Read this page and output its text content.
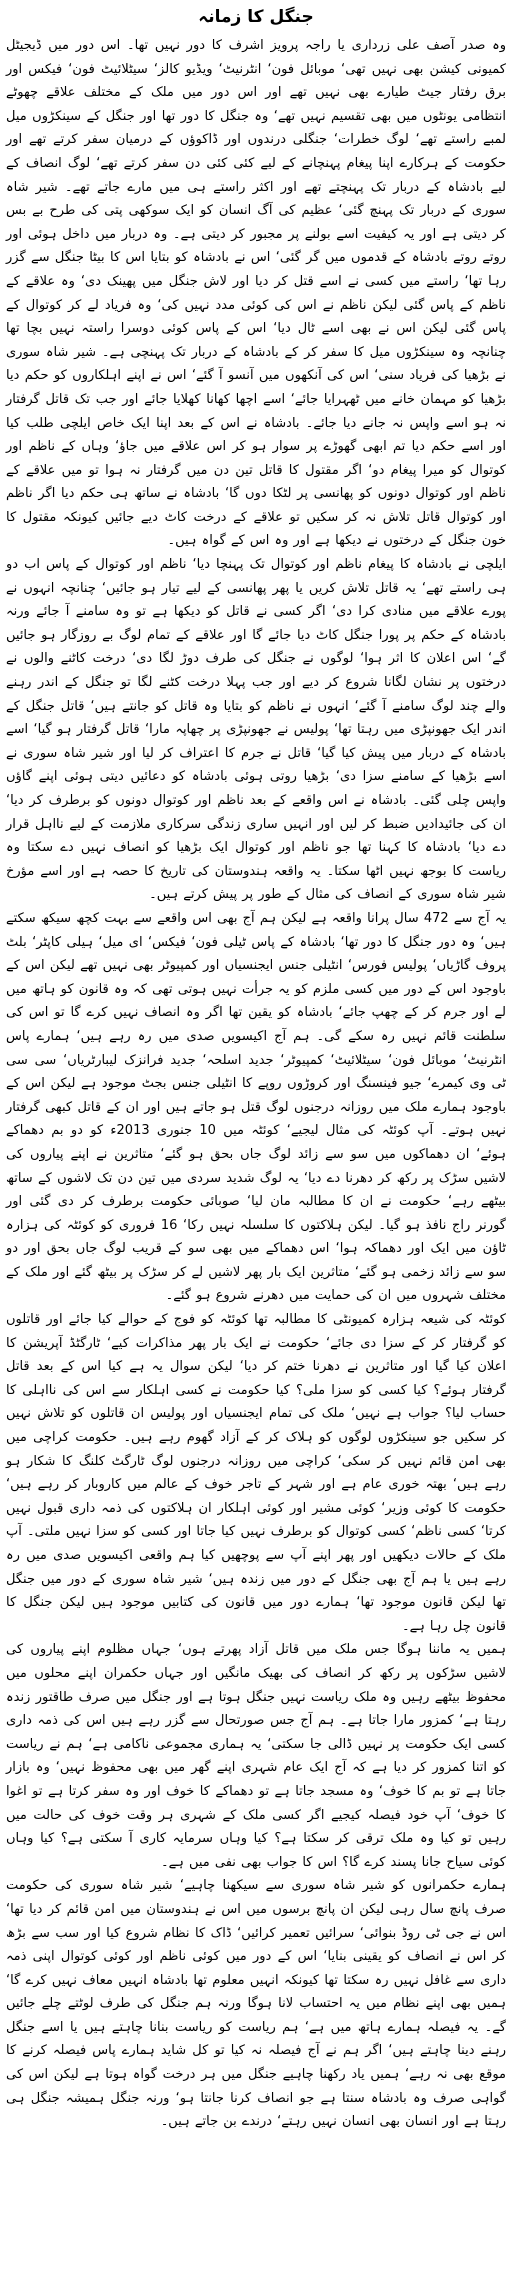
جنگل کا زمانہ

وہ صدر آصف علی زرداری یا راجہ پرویز اشرف کا دور نہیں تھا۔ اس دور میں ڈیجیٹل کمیونی کیشن بھی نہیں تھی‘ موبائل فون‘ انٹرنیٹ‘ ویڈیو کالز‘ سیٹلائیٹ فون‘ فیکس اور برق رفتار جیٹ طیارے بھی نہیں تھے اور اس دور میں ملک کے مختلف علاقے چھوٹے انتظامی یونٹوں میں بھی تقسیم نہیں تھے‘ وہ جنگل کا دور تھا اور جنگل کے سینکڑوں میل لمبے راستے تھے‘ لوگ خطرات‘ جنگلی درندوں اور ڈاکوؤں کے درمیان سفر کرتے تھے اور حکومت کے ہرکارے اپنا پیغام پہنچانے کے لیے کئی کئی دن سفر کرتے تھے‘ لوگ انصاف کے لیے بادشاہ کے دربار تک پہنچتے تھے اور اکثر راستے ہی میں مارے جاتے تھے۔ شیر شاہ سوری کے دربار تک پہنچ گئی‘ عظیم کی آگ انسان کو ایک سوکھی پتی کی طرح بے بس کر دیتی ہے اور یہ کیفیت اسے بولنے پر مجبور کر دیتی ہے۔ وہ دربار میں داخل ہوئی اور روتے روتے بادشاہ کے قدموں میں گر گئی‘ اس نے بادشاہ کو بتایا اس کا بیٹا جنگل سے گزر رہا تھا‘ راستے میں کسی نے اسے قتل کر دیا اور لاش جنگل میں پھینک دی‘ وہ علاقے کے ناظم کے پاس گئی لیکن ناظم نے اس کی کوئی مدد نہیں کی‘ وہ فریاد لے کر کوتوال کے پاس گئی لیکن اس نے بھی اسے ٹال دیا‘ اس کے پاس کوئی دوسرا راستہ نہیں بچا تھا چنانچہ وہ سینکڑوں میل کا سفر کر کے بادشاہ کے دربار تک پہنچی ہے۔ شیر شاہ سوری نے بڑھیا کی فریاد سنی‘ اس کی آنکھوں میں آنسو آ گئے‘ اس نے اپنے اہلکاروں کو حکم دیا بڑھیا کو مہمان خانے میں ٹھہرایا جائے‘ اسے اچھا کھانا کھلایا جائے اور جب تک قاتل گرفتار نہ ہو اسے واپس نہ جانے دیا جائے۔ بادشاہ نے اس کے بعد اپنا ایک خاص ایلچی طلب کیا اور اسے حکم دیا تم ابھی گھوڑے پر سوار ہو کر اس علاقے میں جاؤ‘ وہاں کے ناظم اور کوتوال کو میرا پیغام دو‘ اگر مقتول کا قاتل تین دن میں گرفتار نہ ہوا تو میں علاقے کے ناظم اور کوتوال دونوں کو پھانسی پر لٹکا دوں گا‘ بادشاہ نے ساتھ ہی حکم دیا اگر ناظم اور کوتوال قاتل تلاش نہ کر سکیں تو علاقے کے درخت کاٹ دیے جائیں کیونکہ مقتول کا خون جنگل کے درختوں نے دیکھا ہے اور وہ اس کے گواہ ہیں۔

ایلچی نے بادشاہ کا پیغام ناظم اور کوتوال تک پہنچا دیا‘ ناظم اور کوتوال کے پاس اب دو ہی راستے تھے‘ یہ قاتل تلاش کریں یا پھر پھانسی کے لیے تیار ہو جائیں‘ چنانچہ انہوں نے پورے علاقے میں منادی کرا دی‘ اگر کسی نے قاتل کو دیکھا ہے تو وہ سامنے آ جائے ورنہ بادشاہ کے حکم پر پورا جنگل کاٹ دیا جائے گا اور علاقے کے تمام لوگ بے روزگار ہو جائیں گے‘ اس اعلان کا اثر ہوا‘ لوگوں نے جنگل کی طرف دوڑ لگا دی‘ درخت کاٹنے والوں نے درختوں پر نشان لگانا شروع کر دیے اور جب پہلا درخت کٹنے لگا تو جنگل کے اندر رہنے والے چند لوگ سامنے آ گئے‘ انہوں نے ناظم کو بتایا وہ قاتل کو جانتے ہیں‘ قاتل جنگل کے اندر ایک جھونپڑی میں رہتا تھا‘ پولیس نے جھونپڑی پر چھاپہ مارا‘ قاتل گرفتار ہو گیا‘ اسے بادشاہ کے دربار میں پیش کیا گیا‘ قاتل نے جرم کا اعتراف کر لیا اور شیر شاہ سوری نے اسے بڑھیا کے سامنے سزا دی‘ بڑھیا روتی ہوئی بادشاہ کو دعائیں دیتی ہوئی اپنے گاؤں واپس چلی گئی۔ بادشاہ نے اس واقعے کے بعد ناظم اور کوتوال دونوں کو برطرف کر دیا‘ ان کی جائیدادیں ضبط کر لیں اور انہیں ساری زندگی سرکاری ملازمت کے لیے نااہل قرار دے دیا‘ بادشاہ کا کہنا تھا جو ناظم اور کوتوال ایک بڑھیا کو انصاف نہیں دے سکتا وہ ریاست کا بوجھ نہیں اٹھا سکتا۔ یہ واقعہ ہندوستان کی تاریخ کا حصہ ہے اور اسے مؤرخ شیر شاہ سوری کے انصاف کی مثال کے طور پر پیش کرتے ہیں۔

یہ آج سے 472 سال پرانا واقعہ ہے لیکن ہم آج بھی اس واقعے سے بہت کچھ سیکھ سکتے ہیں‘ وہ دور جنگل کا دور تھا‘ بادشاہ کے پاس ٹیلی فون‘ فیکس‘ ای میل‘ ہیلی کاپٹر‘ بلٹ پروف گاڑیاں‘ پولیس فورس‘ انٹیلی جنس ایجنسیاں اور کمپیوٹر بھی نہیں تھے لیکن اس کے باوجود اس کے دور میں کسی ملزم کو یہ جرأت نہیں ہوتی تھی کہ وہ قانون کو ہاتھ میں لے اور جرم کر کے چھپ جائے‘ بادشاہ کو یقین تھا اگر وہ انصاف نہیں کرے گا تو اس کی سلطنت قائم نہیں رہ سکے گی۔ ہم آج اکیسویں صدی میں رہ رہے ہیں‘ ہمارے پاس انٹرنیٹ‘ موبائل فون‘ سیٹلائیٹ‘ کمپیوٹر‘ جدید اسلحہ‘ جدید فرانزک لیبارٹریاں‘ سی سی ٹی وی کیمرے‘ جیو فینسنگ اور کروڑوں روپے کا انٹیلی جنس بجٹ موجود ہے لیکن اس کے باوجود ہمارے ملک میں روزانہ درجنوں لوگ قتل ہو جاتے ہیں اور ان کے قاتل کبھی گرفتار نہیں ہوتے۔ آپ کوئٹہ کی مثال لیجیے‘ کوئٹہ میں 10 جنوری 2013ء کو دو بم دھماکے ہوئے‘ ان دھماکوں میں سو سے زائد لوگ جاں بحق ہو گئے‘ متاثرین نے اپنے پیاروں کی لاشیں سڑک پر رکھ کر دھرنا دے دیا‘ یہ لوگ شدید سردی میں تین دن تک لاشوں کے ساتھ بیٹھے رہے‘ حکومت نے ان کا مطالبہ مان لیا‘ صوبائی حکومت برطرف کر دی گئی اور گورنر راج نافذ ہو گیا۔ لیکن ہلاکتوں کا سلسلہ نہیں رکا‘ 16 فروری کو کوئٹہ کی ہزارہ ٹاؤن میں ایک اور دھماکہ ہوا‘ اس دھماکے میں بھی سو کے قریب لوگ جاں بحق اور دو سو سے زائد زخمی ہو گئے‘ متاثرین ایک بار پھر لاشیں لے کر سڑک پر بیٹھ گئے اور ملک کے مختلف شہروں میں ان کی حمایت میں دھرنے شروع ہو گئے۔

کوئٹہ کی شیعہ ہزارہ کمیونٹی کا مطالبہ تھا کوئٹہ کو فوج کے حوالے کیا جائے اور قاتلوں کو گرفتار کر کے سزا دی جائے‘ حکومت نے ایک بار پھر مذاکرات کیے‘ ٹارگٹڈ آپریشن کا اعلان کیا گیا اور متاثرین نے دھرنا ختم کر دیا‘ لیکن سوال یہ ہے کیا اس کے بعد قاتل گرفتار ہوئے؟ کیا کسی کو سزا ملی؟ کیا حکومت نے کسی اہلکار سے اس کی نااہلی کا حساب لیا؟ جواب ہے نہیں‘ ملک کی تمام ایجنسیاں اور پولیس ان قاتلوں کو تلاش نہیں کر سکیں جو سینکڑوں لوگوں کو ہلاک کر کے آزاد گھوم رہے ہیں۔ حکومت کراچی میں بھی امن قائم نہیں کر سکی‘ کراچی میں روزانہ درجنوں لوگ ٹارگٹ کلنگ کا شکار ہو رہے ہیں‘ بھتہ خوری عام ہے اور شہر کے تاجر خوف کے عالم میں کاروبار کر رہے ہیں‘ حکومت کا کوئی وزیر‘ کوئی مشیر اور کوئی اہلکار ان ہلاکتوں کی ذمہ داری قبول نہیں کرتا‘ کسی ناظم‘ کسی کوتوال کو برطرف نہیں کیا جاتا اور کسی کو سزا نہیں ملتی۔ آپ ملک کے حالات دیکھیں اور پھر اپنے آپ سے پوچھیں کیا ہم واقعی اکیسویں صدی میں رہ رہے ہیں یا ہم آج بھی جنگل کے دور میں زندہ ہیں‘ شیر شاہ سوری کے دور میں جنگل تھا لیکن قانون موجود تھا‘ ہمارے دور میں قانون کی کتابیں موجود ہیں لیکن جنگل کا قانون چل رہا ہے۔

ہمیں یہ ماننا ہوگا جس ملک میں قاتل آزاد پھرتے ہوں‘ جہاں مظلوم اپنے پیاروں کی لاشیں سڑکوں پر رکھ کر انصاف کی بھیک مانگیں اور جہاں حکمران اپنے محلوں میں محفوظ بیٹھے رہیں وہ ملک ریاست نہیں جنگل ہوتا ہے اور جنگل میں صرف طاقتور زندہ رہتا ہے‘ کمزور مارا جاتا ہے۔ ہم آج جس صورتحال سے گزر رہے ہیں اس کی ذمہ داری کسی ایک حکومت پر نہیں ڈالی جا سکتی‘ یہ ہماری مجموعی ناکامی ہے‘ ہم نے ریاست کو اتنا کمزور کر دیا ہے کہ آج ایک عام شہری اپنے گھر میں بھی محفوظ نہیں‘ وہ بازار جاتا ہے تو بم کا خوف‘ وہ مسجد جاتا ہے تو دھماکے کا خوف اور وہ سفر کرتا ہے تو اغوا کا خوف‘ آپ خود فیصلہ کیجیے اگر کسی ملک کے شہری ہر وقت خوف کی حالت میں رہیں تو کیا وہ ملک ترقی کر سکتا ہے؟ کیا وہاں سرمایہ کاری آ سکتی ہے؟ کیا وہاں کوئی سیاح جانا پسند کرے گا؟ اس کا جواب بھی نفی میں ہے۔

ہمارے حکمرانوں کو شیر شاہ سوری سے سیکھنا چاہیے‘ شیر شاہ سوری کی حکومت صرف پانچ سال رہی لیکن ان پانچ برسوں میں اس نے ہندوستان میں امن قائم کر دیا تھا‘ اس نے جی ٹی روڈ بنوائی‘ سرائیں تعمیر کرائیں‘ ڈاک کا نظام شروع کیا اور سب سے بڑھ کر اس نے انصاف کو یقینی بنایا‘ اس کے دور میں کوئی ناظم اور کوئی کوتوال اپنی ذمہ داری سے غافل نہیں رہ سکتا تھا کیونکہ انہیں معلوم تھا بادشاہ انہیں معاف نہیں کرے گا‘ ہمیں بھی اپنے نظام میں یہ احتساب لانا ہوگا ورنہ ہم جنگل کی طرف لوٹتے چلے جائیں گے۔ یہ فیصلہ ہمارے ہاتھ میں ہے‘ ہم ریاست کو ریاست بنانا چاہتے ہیں یا اسے جنگل رہنے دینا چاہتے ہیں‘ اگر ہم نے آج فیصلہ نہ کیا تو کل شاید ہمارے پاس فیصلہ کرنے کا موقع بھی نہ رہے‘ ہمیں یاد رکھنا چاہیے جنگل میں ہر درخت گواہ ہوتا ہے لیکن اس کی گواہی صرف وہ بادشاہ سنتا ہے جو انصاف کرنا جانتا ہو‘ ورنہ جنگل ہمیشہ جنگل ہی رہتا ہے اور انسان بھی انسان نہیں رہتے‘ درندے بن جاتے ہیں۔
